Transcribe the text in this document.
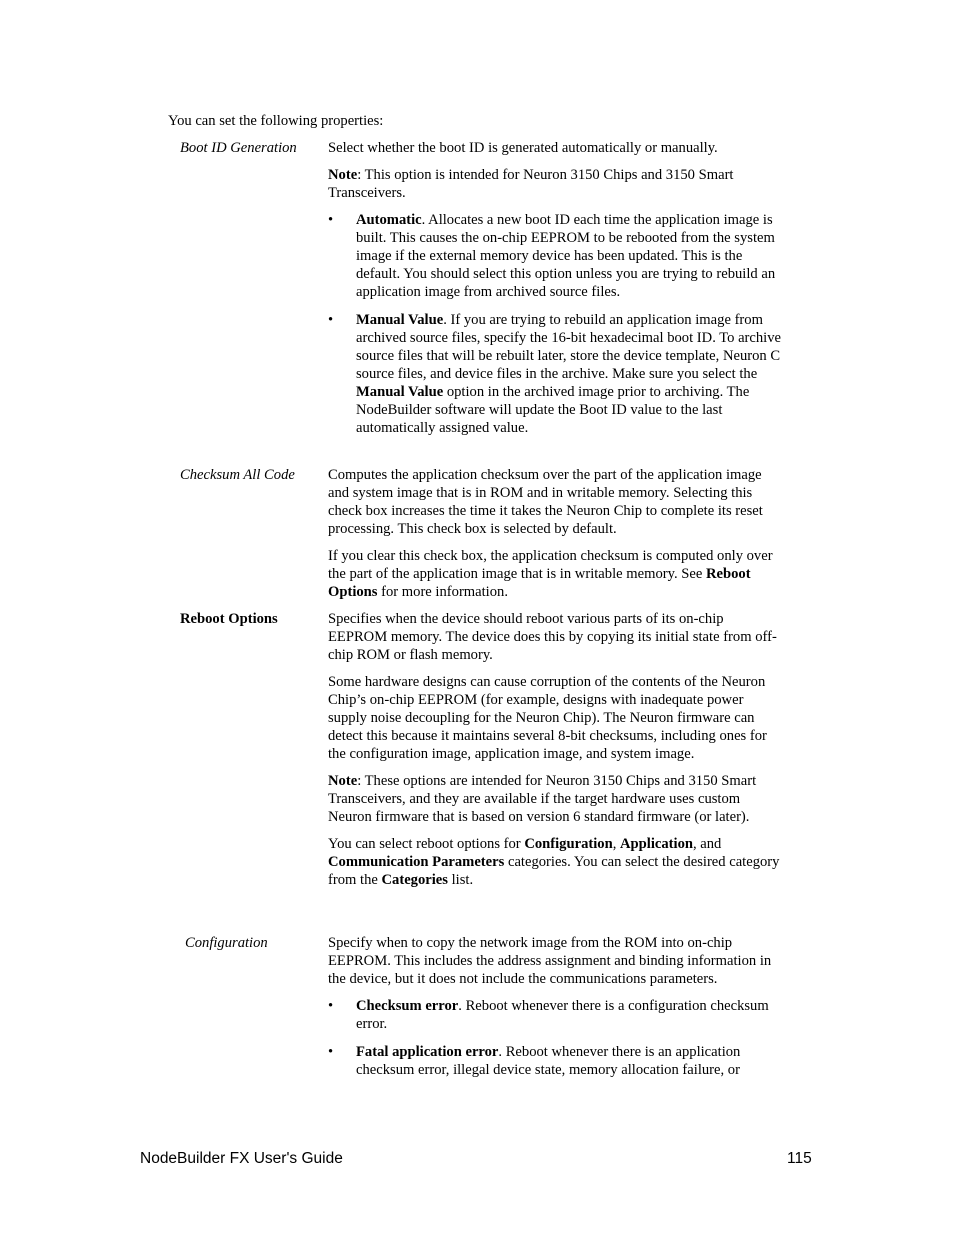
You can set the following properties:
Boot ID Generation	Select whether the boot ID is generated automatically or manually.

Note: This option is intended for Neuron 3150 Chips and 3150 Smart Transceivers.

• Automatic. Allocates a new boot ID each time the application image is built. This causes the on-chip EEPROM to be rebooted from the system image if the external memory device has been updated. This is the default. You should select this option unless you are trying to rebuild an application image from archived source files.
• Manual Value. If you are trying to rebuild an application image from archived source files, specify the 16-bit hexadecimal boot ID. To archive source files that will be rebuilt later, store the device template, Neuron C source files, and device files in the archive. Make sure you select the Manual Value option in the archived image prior to archiving. The NodeBuilder software will update the Boot ID value to the last automatically assigned value.
Checksum All Code	Computes the application checksum over the part of the application image and system image that is in ROM and in writable memory. Selecting this check box increases the time it takes the Neuron Chip to complete its reset processing. This check box is selected by default.

If you clear this check box, the application checksum is computed only over the part of the application image that is in writable memory. See Reboot Options for more information.

Reboot Options	Specifies when the device should reboot various parts of its on-chip EEPROM memory. The device does this by copying its initial state from off-chip ROM or flash memory.

Some hardware designs can cause corruption of the contents of the Neuron Chip’s on-chip EEPROM (for example, designs with inadequate power supply noise decoupling for the Neuron Chip). The Neuron firmware can detect this because it maintains several 8-bit checksums, including ones for the configuration image, application image, and system image.

Note: These options are intended for Neuron 3150 Chips and 3150 Smart Transceivers, and they are available if the target hardware uses custom Neuron firmware that is based on version 6 standard firmware (or later).

You can select reboot options for Configuration, Application, and Communication Parameters categories. You can select the desired category from the Categories list.

Configuration	Specify when to copy the network image from the ROM into on-chip EEPROM. This includes the address assignment and binding information in the device, but it does not include the communications parameters.

• Checksum error. Reboot whenever there is a configuration checksum error.
• Fatal application error. Reboot whenever there is an application checksum error, illegal device state, memory allocation failure, or
NodeBuilder FX User's Guide	115
